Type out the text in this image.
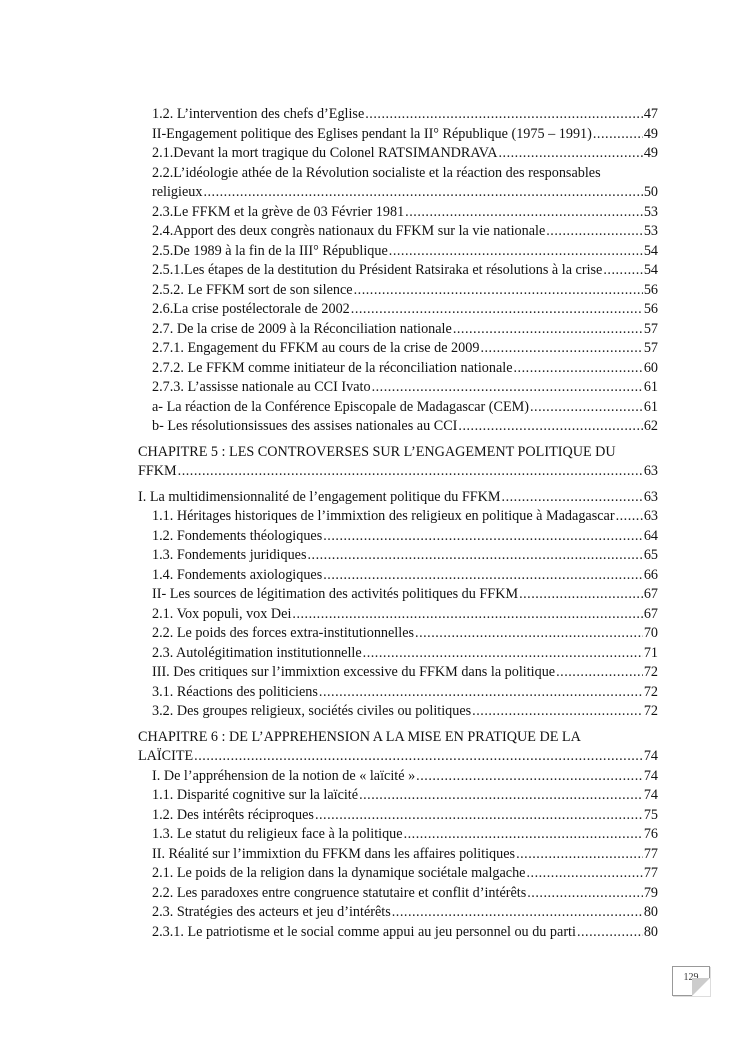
1.2. L’intervention des chefs d’Eglise .....	47
II-Engagement politique des Eglises pendant la II° République (1975 – 1991) .....	49
2.1.Devant la mort tragique du Colonel RATSIMANDRAVA .....	49
2.2.L’idéologie athée de la Révolution socialiste et la réaction des responsables
religieux .....	50
2.3.Le FFKM et la grève de 03 Février 1981 .....	53
2.4.Apport des deux congrès nationaux du FFKM sur la vie nationale .....	53
2.5.De 1989 à la fin de la III° République .....	54
2.5.1.Les étapes de la destitution du Président Ratsiraka et résolutions à la crise .....	54
2.5.2. Le FFKM sort de son silence .....	56
2.6.La crise postélectorale de 2002 .....	56
2.7. De la crise de 2009 à la Réconciliation nationale .....	57
2.7.1. Engagement du FFKM au cours de la crise de 2009 .....	57
2.7.2. Le FFKM comme initiateur de la réconciliation nationale .....	60
2.7.3. L’assisse nationale au CCI Ivato .....	61
a- La réaction de la Conférence Episcopale de Madagascar (CEM) .....	61
b- Les résolutionsissues des assises nationales au CCI .....	62
CHAPITRE 5 : LES CONTROVERSES SUR L’ENGAGEMENT POLITIQUE DU
FFKM .....	63
I. La multidimensionnalité de l’engagement politique du FFKM .....	63
1.1. Héritages historiques de l’immixtion des religieux en politique à Madagascar ..... 63
1.2. Fondements théologiques .....	64
1.3. Fondements juridiques .....	65
1.4. Fondements axiologiques .....	66
II- Les sources de légitimation des activités politiques du FFKM .....	67
2.1. Vox populi, vox Dei .....	67
2.2. Le poids des forces extra-institutionnelles .....	70
2.3. Autolégitimation institutionnelle .....	71
III. Des critiques sur l’immixtion excessive du FFKM dans la politique .....	72
3.1. Réactions des politiciens .....	72
3.2. Des groupes religieux, sociétés civiles ou politiques .....	72
CHAPITRE 6 : DE L’APPREHENSION A LA MISE EN PRATIQUE DE LA
LAÏCITE .....	74
I. De l’appréhension de la notion de « laïcité » .....	74
1.1. Disparité cognitive sur la laïcité .....	74
1.2. Des intérêts réciproques .....	75
1.3. Le statut du religieux face à la politique .....	76
II. Réalité sur l’immixtion du FFKM dans les affaires politiques .....	77
2.1. Le poids de la religion dans la dynamique sociétale malgache .....	77
2.2. Les paradoxes entre congruence statutaire et conflit d’intérêts .....	79
2.3. Stratégies des acteurs et jeu d’intérêts .....	80
2.3.1. Le patriotisme et le social comme appui au jeu personnel ou du parti .....	80
129
